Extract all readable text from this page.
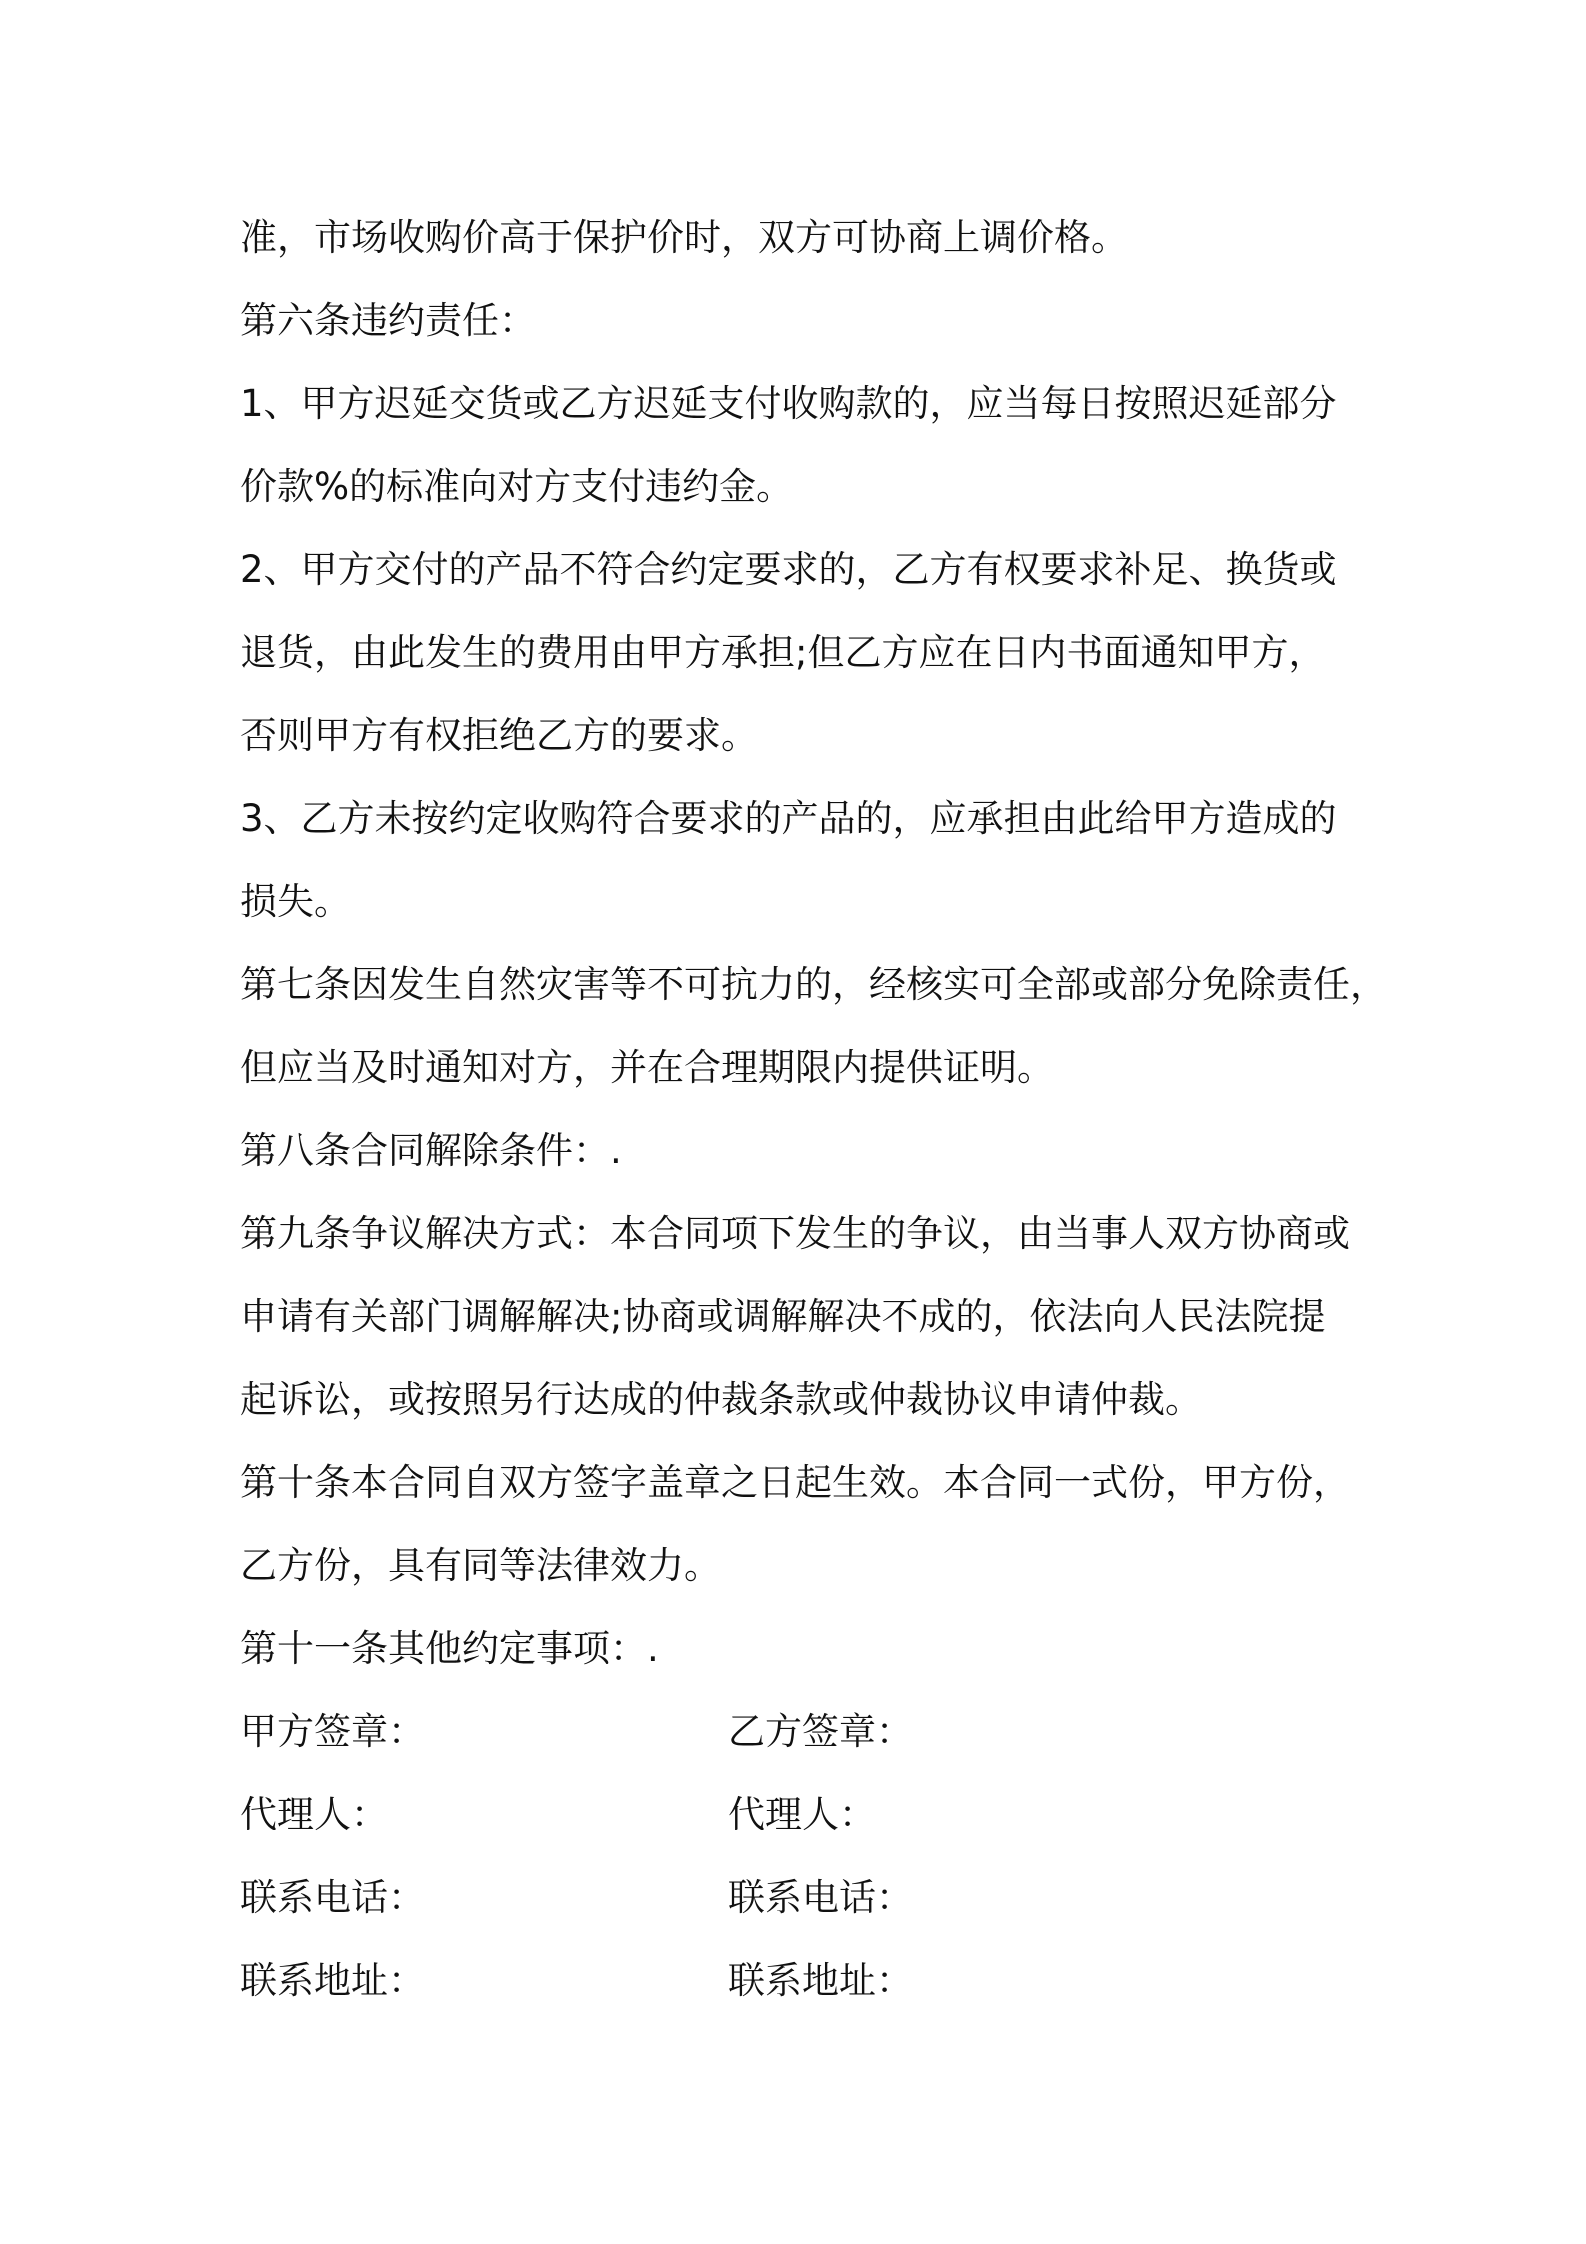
准，市场收购价高于保护价时，双方可协商上调价格。
第六条违约责任：
1、甲方迟延交货或乙方迟延支付收购款的，应当每日按照迟延部分
价款%的标准向对方支付违约金。
2、甲方交付的产品不符合约定要求的，乙方有权要求补足、换货或
退货，由此发生的费用由甲方承担;但乙方应在日内书面通知甲方，
否则甲方有权拒绝乙方的要求。
3、乙方未按约定收购符合要求的产品的，应承担由此给甲方造成的
损失。
第七条因发生自然灾害等不可抗力的，经核实可全部或部分免除责任，
但应当及时通知对方，并在合理期限内提供证明。
第八条合同解除条件：.
第九条争议解决方式：本合同项下发生的争议，由当事人双方协商或
申请有关部门调解解决;协商或调解解决不成的，依法向人民法院提
起诉讼，或按照另行达成的仲裁条款或仲裁协议申请仲裁。
第十条本合同自双方签字盖章之日起生效。本合同一式份，甲方份，
乙方份，具有同等法律效力。
第十一条其他约定事项：.
甲方签章：	乙方签章：
代理人：	代理人：
联系电话：	联系电话：
联系地址：	联系地址：
